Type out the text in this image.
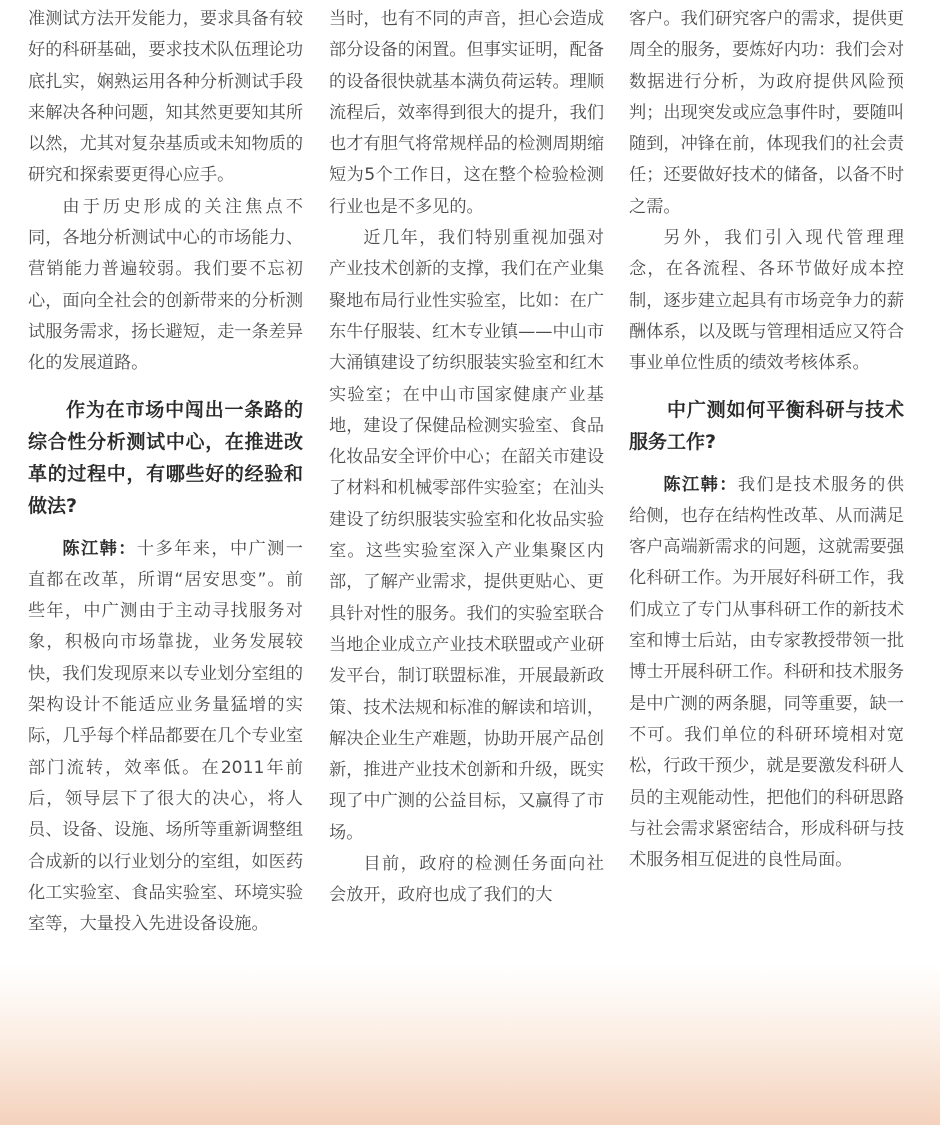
准测试方法开发能力，要求具备有较好的科研基础，要求技术队伍理论功底扎实，娴熟运用各种分析测试手段来解决各种问题，知其然更要知其所以然，尤其对复杂基质或未知物质的研究和探索要更得心应手。

由于历史形成的关注焦点不同，各地分析测试中心的市场能力、营销能力普遍较弱。我们要不忘初心，面向全社会的创新带来的分析测试服务需求，扬长避短，走一条差异化的发展道路。

作为在市场中闯出一条路的综合性分析测试中心，在推进改革的过程中，有哪些好的经验和做法?

陈江韩：十多年来，中广测一直都在改革，所谓“居安思变”。前些年，中广测由于主动寻找服务对象，积极向市场靠拢，业务发展较快，我们发现原来以专业划分室组的架构设计不能适应业务量猛增的实际，几乎每个样品都要在几个专业室部门流转，效率低。在2011年前后，领导层下了很大的决心，将人员、设备、设施、场所等重新调整组合成新的以行业划分的室组，如医药化工实验室、食品实验室、环境实验室等，大量投入先进设备设施。

当时，也有不同的声音，担心会造成部分设备的闲置。但事实证明，配备的设备很快就基本满负荷运转。理顺流程后，效率得到很大的提升，我们也才有胆气将常规样品的检测周期缩短为5个工作日，这在整个检验检测行业也是不多见的。

近几年，我们特别重视加强对产业技术创新的支撑，我们在产业集聚地布局行业性实验室，比如：在广东牛仔服装、红木专业镇——中山市大涌镇建设了纺织服装实验室和红木实验室；在中山市国家健康产业基地，建设了保健品检测实验室、食品化妆品安全评价中心；在韶关市建设了材料和机械零部件实验室；在汕头建设了纺织服装实验室和化妆品实验室。这些实验室深入产业集聚区内部，了解产业需求，提供更贴心、更具针对性的服务。我们的实验室联合当地企业成立产业技术联盟或产业研发平台，制订联盟标准，开展最新政策、技术法规和标准的解读和培训，解决企业生产难题，协助开展产品创新，推进产业技术创新和升级，既实现了中广测的公益目标，又赢得了市场。

目前，政府的检测任务面向社会放开，政府也成了我们的大

客户。我们研究客户的需求，提供更周全的服务，要炼好内功：我们会对数据进行分析，为政府提供风险预判；出现突发或应急事件时，要随叫随到，冲锋在前，体现我们的社会责任；还要做好技术的储备，以备不时之需。

另外，我们引入现代管理理念，在各流程、各环节做好成本控制，逐步建立起具有市场竞争力的薪酬体系，以及既与管理相适应又符合事业单位性质的绩效考核体系。

中广测如何平衡科研与技术服务工作?

陈江韩：我们是技术服务的供给侧，也存在结构性改革、从而满足客户高端新需求的问题，这就需要强化科研工作。为开展好科研工作，我们成立了专门从事科研工作的新技术室和博士后站，由专家教授带领一批博士开展科研工作。科研和技术服务是中广测的两条腿，同等重要，缺一不可。我们单位的科研环境相对宽松，行政干预少，就是要激发科研人员的主观能动性，把他们的科研思路与社会需求紧密结合，形成科研与技术服务相互促进的良性局面。
